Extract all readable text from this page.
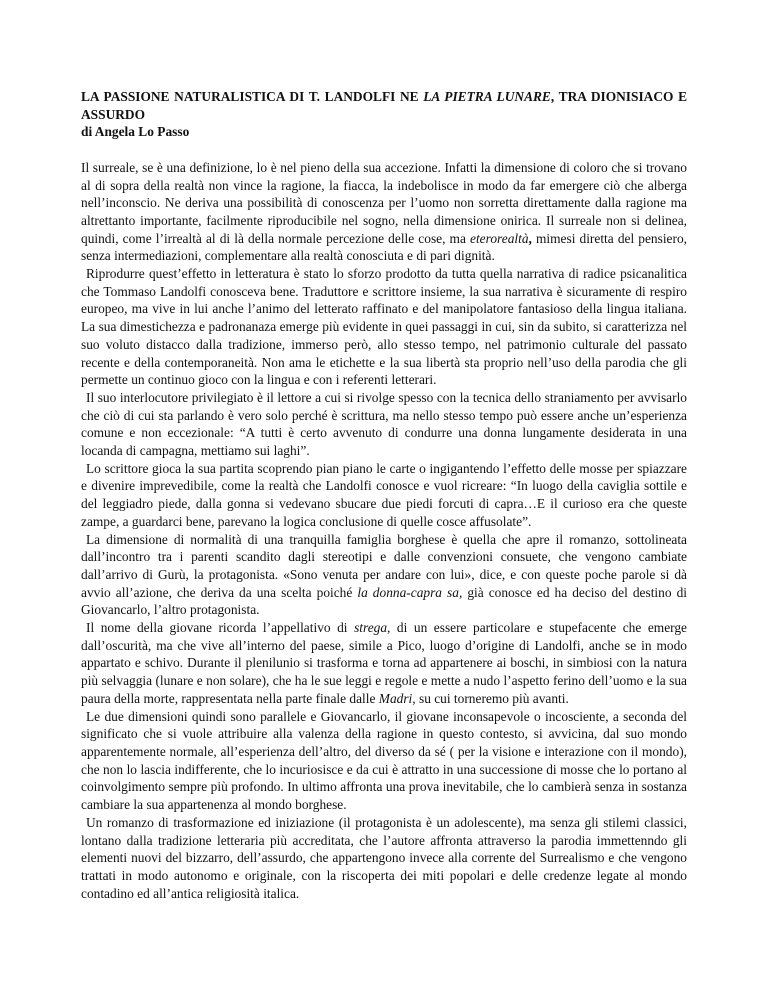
LA PASSIONE NATURALISTICA DI T. LANDOLFI NE LA PIETRA LUNARE, TRA DIONISIACO E ASSURDO
di Angela Lo Passo

Il surreale, se è una definizione, lo è nel pieno della sua accezione. Infatti la dimensione di coloro che si trovano al di sopra della realtà non vince la ragione, la fiacca, la indebolisce in modo da far emergere ciò che alberga nell’inconscio. Ne deriva una possibilità di conoscenza per l’uomo non sorretta direttamente dalla ragione ma altrettanto importante, facilmente riproducibile nel sogno, nella dimensione onirica. Il surreale non si delinea, quindi, come l’irrealtà al di là della normale percezione delle cose, ma eterorealtà, mimesi diretta del pensiero, senza intermediazioni, complementare alla realtà conosciuta e di pari dignità.

Riprodurre quest’effetto in letteratura è stato lo sforzo prodotto da tutta quella narrativa di radice psicanalitica che Tommaso Landolfi conosceva bene. Traduttore e scrittore insieme, la sua narrativa è sicuramente di respiro europeo, ma vive in lui anche l’animo del letterato raffinato e del manipolatore fantasioso della lingua italiana. La sua dimestichezza e padronanaza emerge più evidente in quei passaggi in cui, sin da subito, si caratterizza nel suo voluto distacco dalla tradizione, immerso però, allo stesso tempo, nel patrimonio culturale del passato recente e della contemporaneità. Non ama le etichette e la sua libertà sta proprio nell’uso della parodia che gli permette un continuo gioco con la lingua e con i referenti letterari.

Il suo interlocutore privilegiato è il lettore a cui si rivolge spesso con la tecnica dello straniamento per avvisarlo che ciò di cui sta parlando è vero solo perché è scrittura, ma nello stesso tempo può essere anche un’esperienza comune e non eccezionale: “A tutti è certo avvenuto di condurre una donna lungamente desiderata in una locanda di campagna, mettiamo sui laghi”.

Lo scrittore gioca la sua partita scoprendo pian piano le carte o ingigantendo l’effetto delle mosse per spiazzare e divenire imprevedibile, come la realtà che Landolfi conosce e vuol ricreare: “In luogo della caviglia sottile e del leggiadro piede, dalla gonna si vedevano sbucare due piedi forcuti di capra…E il curioso era che queste zampe, a guardarci bene, parevano la logica conclusione di quelle cosce affusolate”.

La dimensione di normalità di una tranquilla famiglia borghese è quella che apre il romanzo, sottolineata dall’incontro tra i parenti scandito dagli stereotipi e dalle convenzioni consuete, che vengono cambiate dall’arrivo di Gurù, la protagonista. «Sono venuta per andare con lui», dice, e con queste poche parole si dà avvio all’azione, che deriva da una scelta poiché la donna-capra sa, già conosce ed ha deciso del destino di Giovancarlo, l’altro protagonista.

Il nome della giovane ricorda l’appellativo di strega, di un essere particolare e stupefacente che emerge dall’oscurità, ma che vive all’interno del paese, simile a Pico, luogo d’origine di Landolfi, anche se in modo appartato e schivo. Durante il plenilunio si trasforma e torna ad appartenere ai boschi, in simbiosi con la natura più selvaggia (lunare e non solare), che ha le sue leggi e regole e mette a nudo l’aspetto ferino dell’uomo e la sua paura della morte, rappresentata nella parte finale dalle Madri, su cui torneremo più avanti.

Le due dimensioni quindi sono parallele e Giovancarlo, il giovane inconsapevole o incosciente, a seconda del significato che si vuole attribuire alla valenza della ragione in questo contesto, si avvicina, dal suo mondo apparentemente normale, all’esperienza dell’altro, del diverso da sé ( per la visione e interazione con il mondo), che non lo lascia indifferente, che lo incuriosisce e da cui è attratto in una successione di mosse che lo portano al coinvolgimento sempre più profondo. In ultimo affronta una prova inevitabile, che lo cambierà senza in sostanza cambiare la sua appartenenza al mondo borghese.

Un romanzo di trasformazione ed iniziazione (il protagonista è un adolescente), ma senza gli stilemi classici, lontano dalla tradizione letteraria più accreditata, che l’autore affronta attraverso la parodia immettenndo gli elementi nuovi del bizzarro, dell’assurdo, che appartengono invece alla corrente del Surrealismo e che vengono trattati in modo autonomo e originale, con la riscoperta dei miti popolari e delle credenze legate al mondo contadino ed all’antica religiosità italica.
